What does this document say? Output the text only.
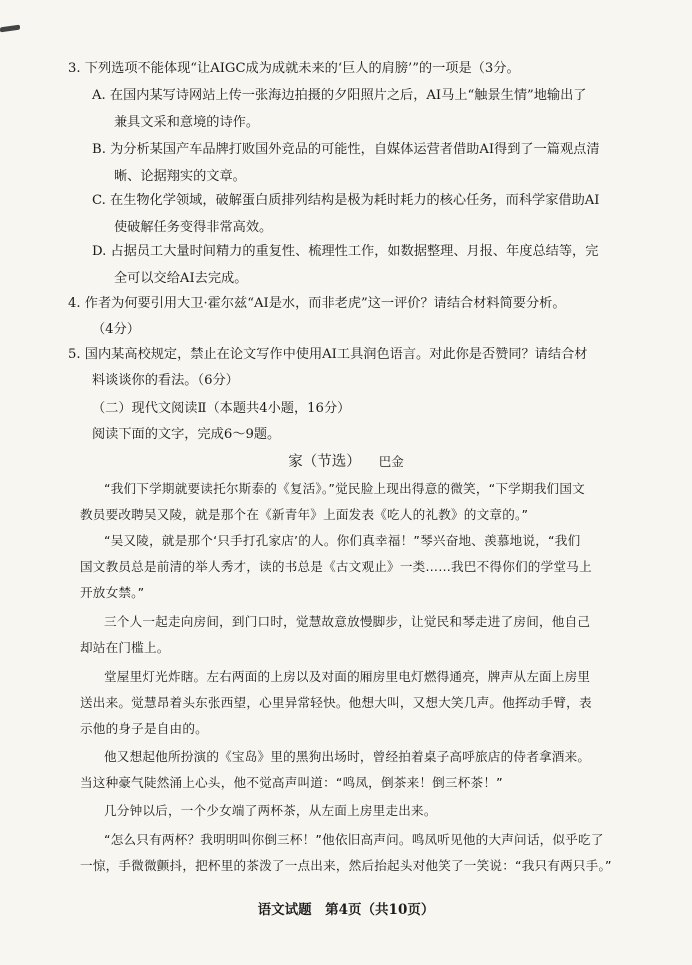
3. 下列选项不能体现“让AIGC成为成就未来的‘巨人的肩膀’”的一项是（3分。
A. 在国内某写诗网站上传一张海边拍摄的夕阳照片之后，AI马上“触景生情”地输出了
兼具文采和意境的诗作。
B. 为分析某国产车品牌打败国外竞品的可能性，自媒体运营者借助AI得到了一篇观点清
晰、论据翔实的文章。
C. 在生物化学领域，破解蛋白质排列结构是极为耗时耗力的核心任务，而科学家借助AI
使破解任务变得非常高效。
D. 占据员工大量时间精力的重复性、梳理性工作，如数据整理、月报、年度总结等，完
全可以交给AI去完成。
4. 作者为何要引用大卫·霍尔兹“AI是水，而非老虎”这一评价？请结合材料简要分析。
（4分）
5. 国内某高校规定，禁止在论文写作中使用AI工具润色语言。对此你是否赞同？请结合材
料谈谈你的看法。（6分）
（二）现代文阅读Ⅱ（本题共4小题，16分）
阅读下面的文字，完成6～9题。
家（节选） 巴金
“我们下学期就要读托尔斯泰的《复活》。”觉民脸上现出得意的微笑，“下学期我们国文
教员要改聘吴又陵，就是那个在《新青年》上面发表《吃人的礼教》的文章的。”
“吴又陵，就是那个‘只手打孔家店’的人。你们真幸福！”琴兴奋地、羡慕地说，“我们
国文教员总是前清的举人秀才，读的书总是《古文观止》一类……我巴不得你们的学堂马上
开放女禁。”
三个人一起走向房间，到门口时，觉慧故意放慢脚步，让觉民和琴走进了房间，他自己
却站在门槛上。
堂屋里灯光炸瞎。左右两面的上房以及对面的厢房里电灯燃得通亮，牌声从左面上房里
送出来。觉慧昂着头东张西望，心里异常轻快。他想大叫，又想大笑几声。他挥动手臂，表
示他的身子是自由的。
他又想起他所扮演的《宝岛》里的黑狗出场时，曾经拍着桌子高呼旅店的侍者拿酒来。
当这种豪气陡然涌上心头，他不觉高声叫道：“鸣凤，倒茶来！倒三杯茶！”
几分钟以后，一个少女端了两杯茶，从左面上房里走出来。
“怎么只有两杯？我明明叫你倒三杯！”他依旧高声问。鸣凤听见他的大声问话，似乎吃了
一惊，手微微颤抖，把杯里的茶泼了一点出来，然后抬起头对他笑了一笑说：“我只有两只手。”
语文试题　第4页（共10页）
